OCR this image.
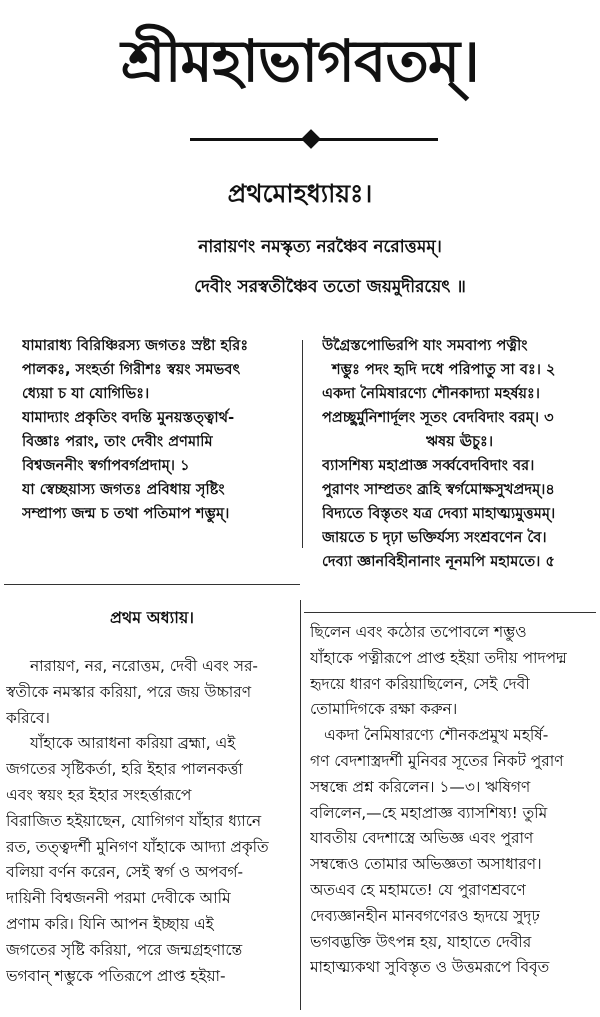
শ্রীমহাভাগবতম্।
প্রথমোহধ্যায়ঃ।
নারায়ণং নমস্কৃত্য নরঞ্চৈব নরোত্তমম্।
দেবীং সরস্বতীঞ্চৈব ততো জয়মুদীরয়েৎ ॥
যামারাধ্য বিরিঞ্চিরস্য জগতঃ স্রষ্টা হরিঃ
পালকঃ, সংহর্তা গিরীশঃ স্বয়ং সমভবৎ
ধ্যেয়া চ যা যোগিভিঃ।
যামাদ্যাং প্রকৃতিং বদন্তি মুনয়স্তত্ত্বার্থ-
বিজ্ঞাঃ পরাং, তাং দেবীং প্রণমামি
বিশ্বজননীং স্বর্গাপবর্গপ্রদাম্। ১
যা স্বেচ্ছয়াস্য জগতঃ প্রবিধায় সৃষ্টিং
সম্প্রাপ্য জন্ম চ তথা পতিমাপ শম্ভুম্।
উগ্রৈস্তপোভিরপি যাং সমবাপ্য পত্নীং
শম্ভুঃ পদং হৃদি দধে পরিপাতু সা বঃ। ২
একদা নৈমিষারণ্যে শৌনকাদ্যা মহর্ষয়ঃ।
পপ্রচ্ছুর্মুনিশার্দূলং সূতং বেদবিদাং বরম্। ৩
ঋষয় ঊচুঃ।
ব্যাসশিষ্য মহাপ্রাজ্ঞ সর্ব্ববেদবিদাং বর।
পুরাণং সাম্প্রতং ব্রূহি স্বর্গমোক্ষসুখপ্রদম্।৪
বিদ্যতে বিস্তৃতং যত্র দেব্যা মাহাত্ম্যমুত্তমম্।
জায়তে চ দৃঢ়া ভক্তির্যস্য সংশ্রবণেন বৈ।
দেব্যা জ্ঞানবিহীনানাং নূনমপি মহামতে। ৫
প্রথম অধ্যায়।
নারায়ণ, নর, নরোত্তম, দেবী এবং সর-
স্বতীকে নমস্কার করিয়া, পরে জয় উচ্চারণ
করিবে।
যাঁহাকে আরাধনা করিয়া ব্রহ্মা, এই
জগতের সৃষ্টিকর্তা, হরি ইহার পালনকর্ত্তা
এবং স্বয়ং হর ইহার সংহর্ত্তারূপে
বিরাজিত হইয়াছেন, যোগিগণ যাঁহার ধ্যানে
রত, তত্ত্বদর্শী মুনিগণ যাঁহাকে আদ্যা প্রকৃতি
বলিয়া বর্ণন করেন, সেই স্বর্গ ও অপবর্গ-
দায়িনী বিশ্বজননী পরমা দেবীকে আমি
প্রণাম করি। যিনি আপন ইচ্ছায় এই
জগতের সৃষ্টি করিয়া, পরে জন্মগ্রহণান্তে
ভগবান্ শম্ভুকে পতিরূপে প্রাপ্ত হইয়া-
ছিলেন এবং কঠোর তপোবলে শম্ভুও
যাঁহাকে পত্নীরূপে প্রাপ্ত হইয়া তদীয় পাদপদ্ম
হৃদয়ে ধারণ করিয়াছিলেন, সেই দেবী
তোমাদিগকে রক্ষা করুন।
একদা নৈমিষারণ্যে শৌনকপ্রমুখ মহর্ষি-
গণ বেদশাস্ত্রদর্শী মুনিবর সূতের নিকট পুরাণ
সম্বন্ধে প্রশ্ন করিলেন। ১—৩। ঋষিগণ
বলিলেন,—হে মহাপ্রাজ্ঞ ব্যাসশিষ্য! তুমি
যাবতীয় বেদশাস্ত্রে অভিজ্ঞ এবং পুরাণ
সম্বন্ধেও তোমার অভিজ্ঞতা অসাধারণ।
অতএব হে মহামতে! যে পুরাণশ্রবণে
দেব্যজ্ঞানহীন মানবগণেরও হৃদয়ে সুদৃঢ়
ভগবদ্ভক্তি উৎপন্ন হয়, যাহাতে দেবীর
মাহাত্ম্যকথা সুবিস্তৃত ও উত্তমরূপে বিবৃত
